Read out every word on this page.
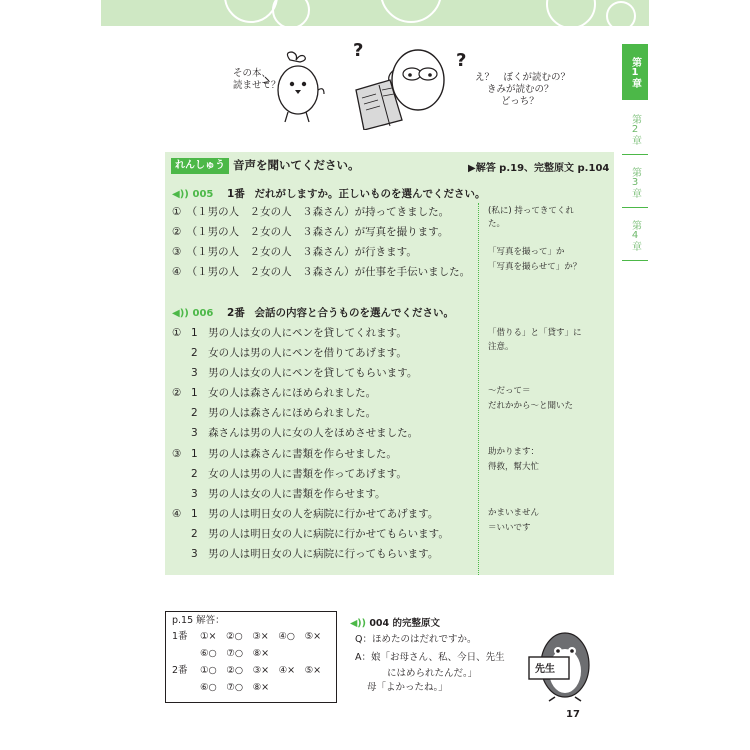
第1章
第2章
第3章
第4章
?	?
その本、
読ませて？
え？　ぼくが読むの？
きみが読むの？
どっち？
れんしゅう 音声を聞いてください。	▶解答 p.19、完整原文 p.104
◀)) 005 1番 だれがしますか。正しいものを選んでください。
①　 （１男の人　２女の人　３森さん）が持ってきました。
②　 （１男の人　２女の人　３森さん）が写真を撮ります。
③　 （１男の人　２女の人　３森さん）が行きます。
④　 （１男の人　２女の人　３森さん）が仕事を手伝いました。
(私に) 持ってきてくれ
た。
「写真を撮って」か
「写真を撮らせて」か？
◀)) 006 2番 会話の内容と合うものを選んでください。
① 1　男の人は女の人にペンを貸してくれます。
2　女の人は男の人にペンを借りてあげます。
3　男の人は女の人にペンを貸してもらいます。
② 1　女の人は森さんにほめられました。
2　男の人は森さんにほめられました。
3　森さんは男の人に女の人をほめさせました。
③ 1　男の人は森さんに書類を作らせました。
2　女の人は男の人に書類を作ってあげます。
3　男の人は女の人に書類を作らせます。
④ 1　男の人は明日女の人を病院に行かせてあげます。
2　男の人は明日女の人に病院に行かせてもらいます。
3　男の人は明日女の人に病院に行ってもらいます。
「借りる」と「貸す」に
注意。
～だって＝
だれかから～と聞いた
助かります：
得救，幫大忙
かまいません
＝いいです
p.15 解答：
1番 ①×　②○　③×　④○　⑤×
⑥○　⑦○　⑧×
2番 ①○　②○　③×　④×　⑤×
⑥○　⑦○　⑧×
◀)) 004 的完整原文
Q：ほめたのはだれですか。
A：娘「お母さん、私、今日、先生
にはめられたんだ。」
母「よかったね。」
先生
17
